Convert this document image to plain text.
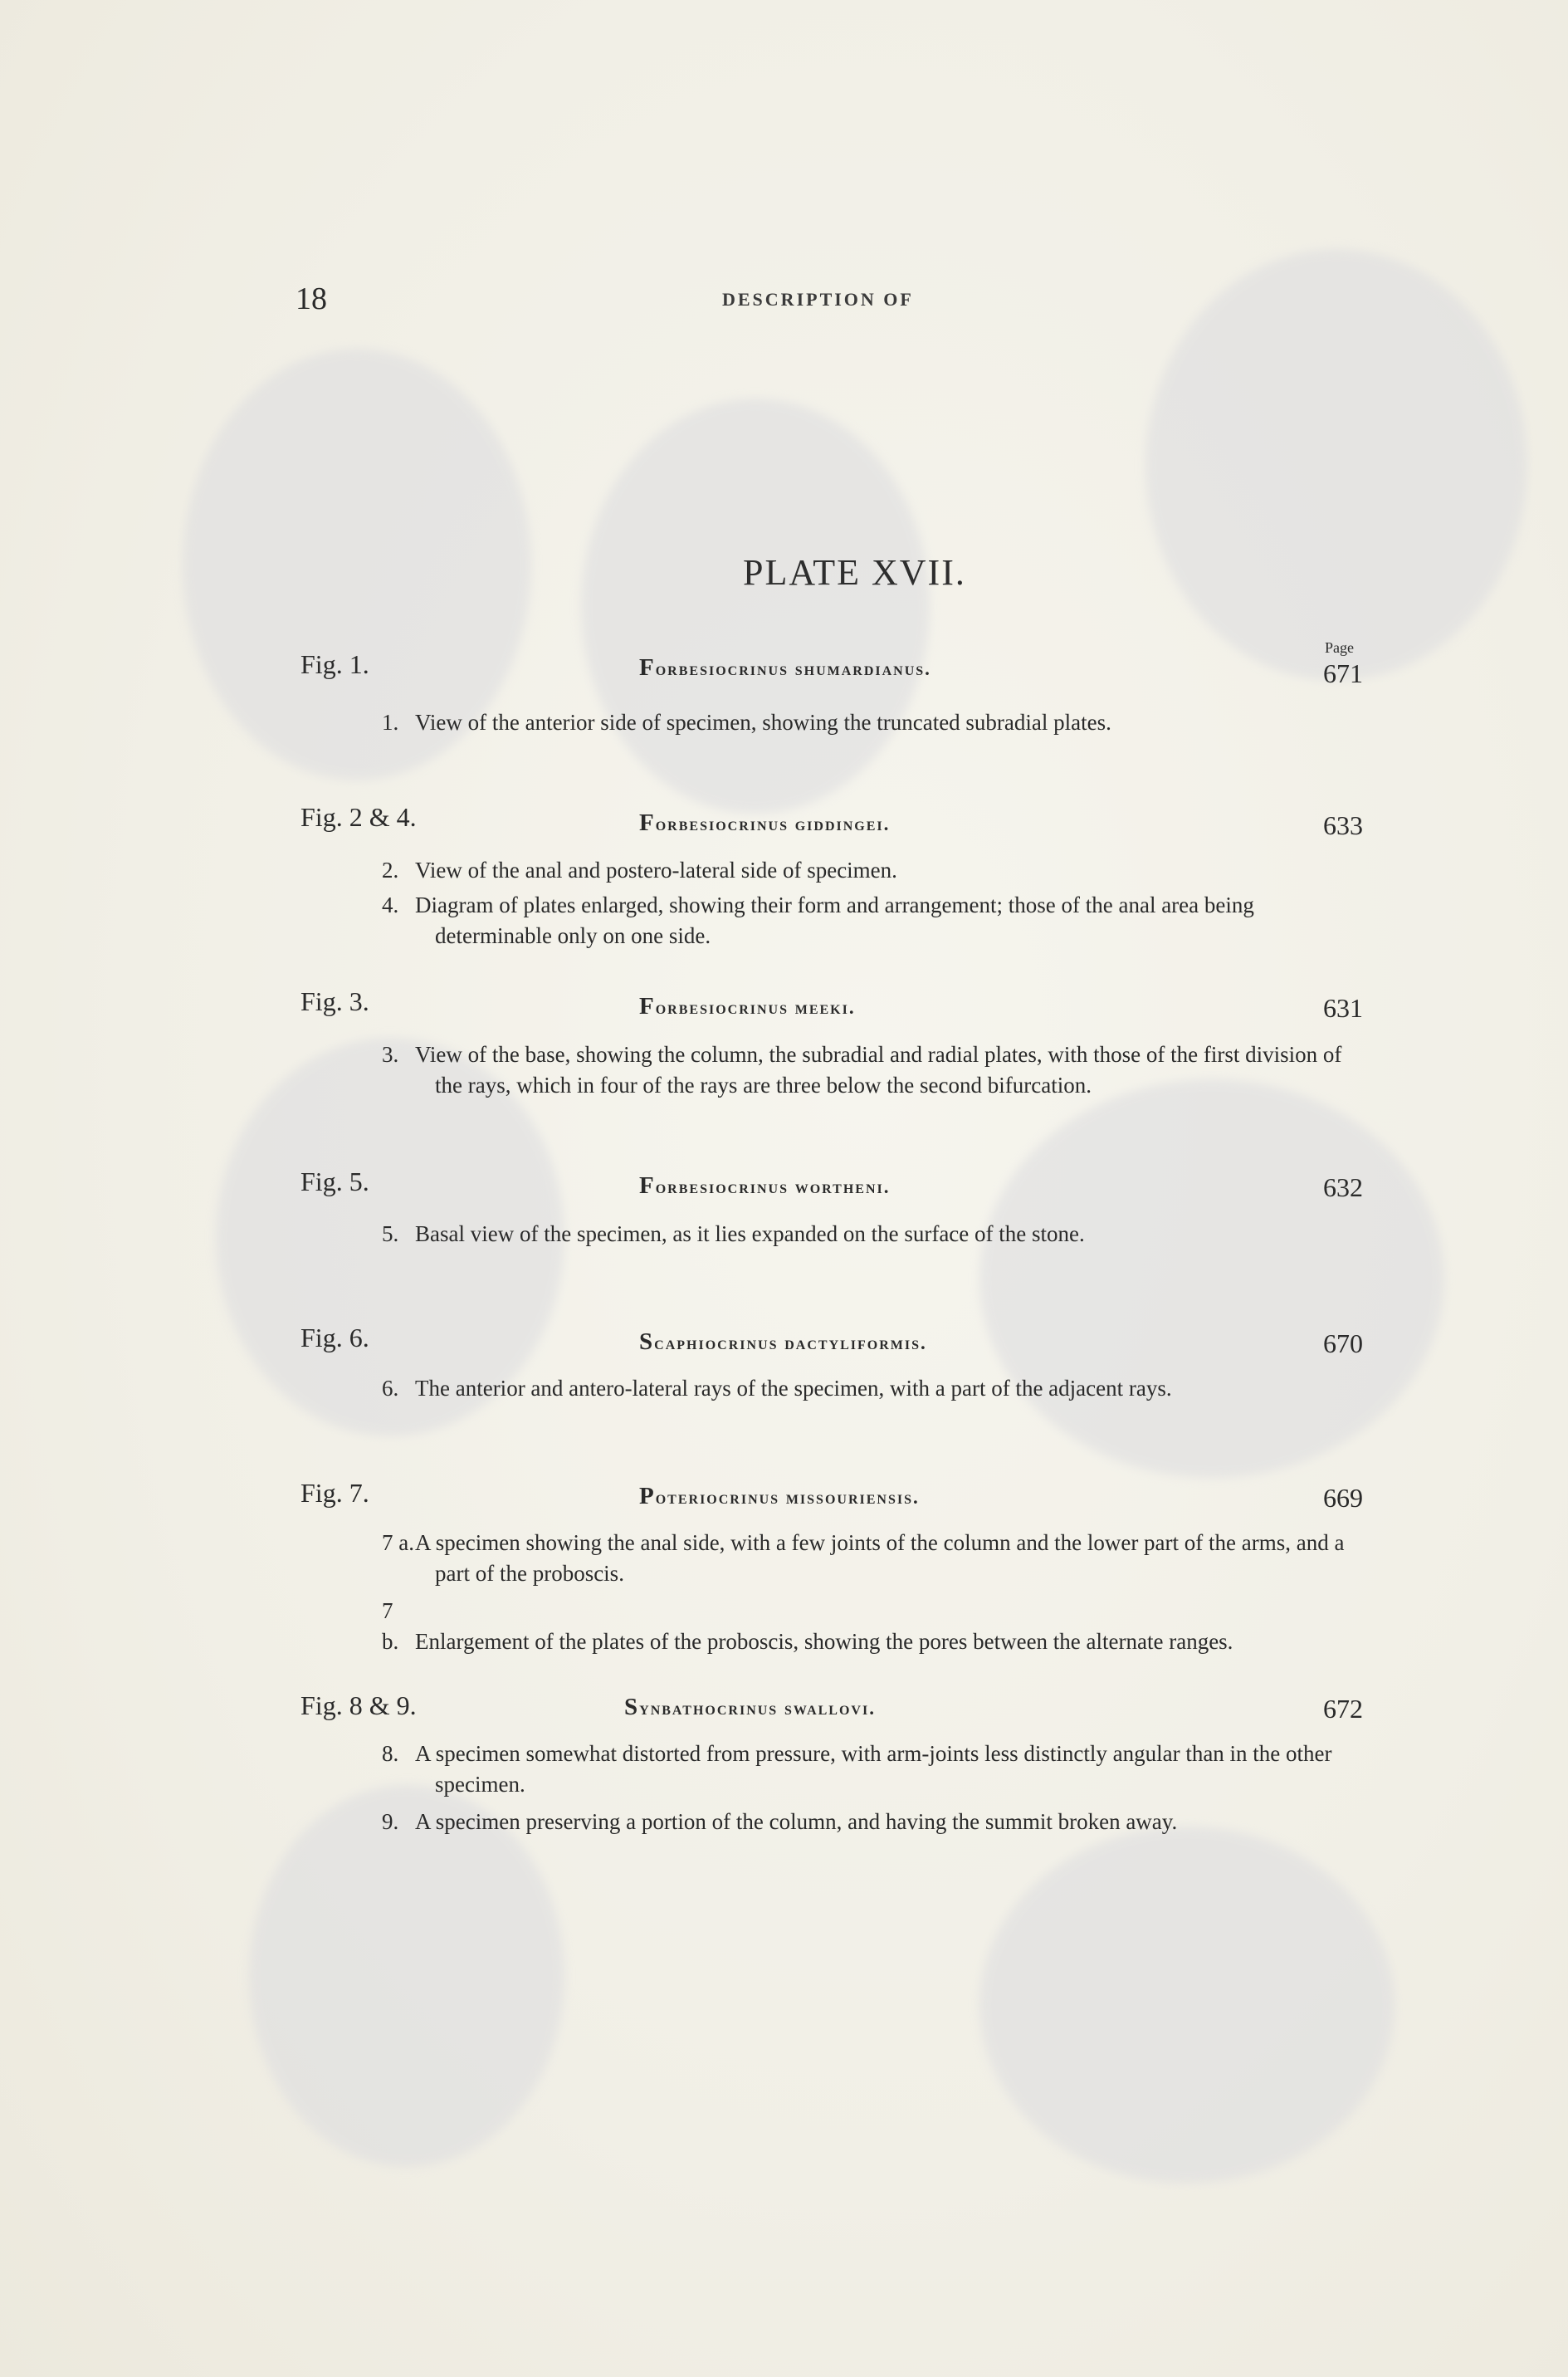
18	DESCRIPTION OF
PLATE XVII.
Page
Fig. 1.	Forbesiocrinus shumardianus.	671
1. View of the anterior side of specimen, showing the truncated subradial plates.
Fig. 2 & 4.	Forbesiocrinus giddingei.	633
2. View of the anal and postero-lateral side of specimen.
4. Diagram of plates enlarged, showing their form and arrangement; those of the anal area being determinable only on one side.
Fig. 3.	Forbesiocrinus meeki.	631
3. View of the base, showing the column, the subradial and radial plates, with those of the first division of the rays, which in four of the rays are three below the second bifurcation.
Fig. 5.	Forbesiocrinus wortheni.	632
5. Basal view of the specimen, as it lies expanded on the surface of the stone.
Fig. 6.	Scaphiocrinus dactyliformis.	670
6. The anterior and antero-lateral rays of the specimen, with a part of the adjacent rays.
Fig. 7.	Poteriocrinus missouriensis.	669
7 a.A specimen showing the anal side, with a few joints of the column and the lower part of the arms, and a part of the proboscis.
7 b. Enlargement of the plates of the proboscis, showing the pores between the alternate ranges.
Fig. 8 & 9.	Synbathocrinus swallovi.	672
8. A specimen somewhat distorted from pressure, with arm-joints less distinctly angular than in the other specimen.
9. A specimen preserving a portion of the column, and having the summit broken away.
